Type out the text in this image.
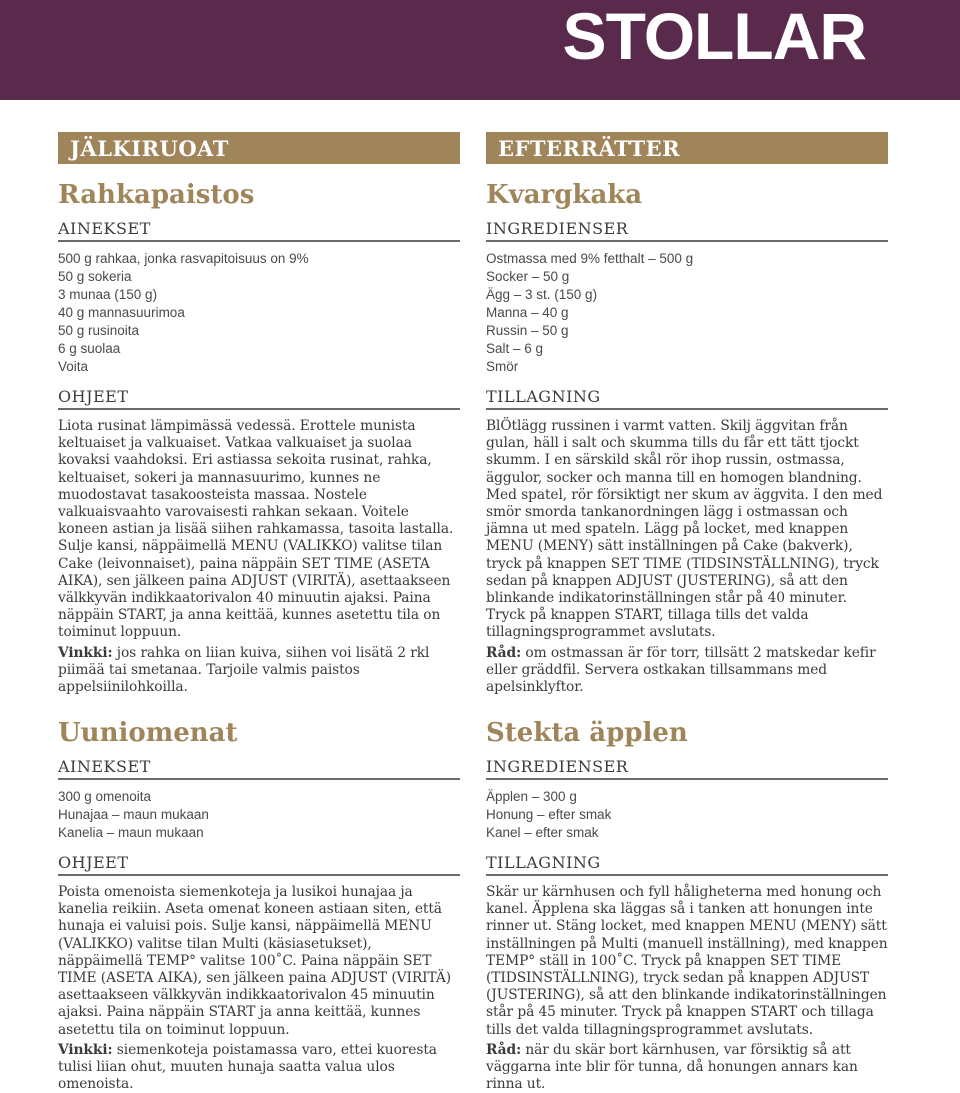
STOLLAR
JÄLKIRUOAT
Rahkapaistos
AINEKSET
500 g rahkaa, jonka rasvapitoisuus on 9%
50 g sokeria
3 munaa (150 g)
40 g mannasuurimoa
50 g rusinoita
6 g suolaa
Voita
OHJEET

Liota rusinat lämpimässä vedessä. Erottele munista keltuaiset ja valkuaiset. Vatkaa valkuaiset ja suolaa kovaksi vaahdoksi. Eri astiassa sekoita rusinat, rahka, keltuaiset, sokeri ja mannasuurimo, kunnes ne muodostavat tasakoosteista massaa. Nostele valkuaisvaahto varovaisesti rahkan sekaan. Voitele koneen astian ja lisää siihen rahkamassa, tasoita lastalla. Sulje kansi, näppäimellä MENU (VALIKKO) valitse tilan Cake (leivonnaiset), paina näppäin SET TIME (ASETA AIKA), sen jälkeen paina ADJUST (VIRITÄ), asettaakseen välkkyvän indikkaatorivalon 40 minuutin ajaksi. Paina näppäin START, ja anna keittää, kunnes asetettu tila on toiminut loppuun.

Vinkki: jos rahka on liian kuiva, siihen voi lisätä 2 rkl piimää tai smetanaa. Tarjoile valmis paistos appelsiinilohkoilla.

Uuniomenat
AINEKSET
300 g omenoita
Hunajaa – maun mukaan
Kanelia – maun mukaan
OHJEET

Poista omenoista siemenkoteja ja lusikoi hunajaa ja kanelia reikiin. Aseta omenat koneen astiaan siten, että hunaja ei valuisi pois. Sulje kansi, näppäimellä MENU (VALIKKO) valitse tilan Multi (käsiasetukset), näppäimellä TEMP° valitse 100˚C. Paina näppäin SET TIME (ASETA AIKA), sen jälkeen paina ADJUST (VIRITÄ) asettaakseen välkkyvän indikkaatorivalon 45 minuutin ajaksi. Paina näppäin START ja anna keittää, kunnes asetettu tila on toiminut loppuun.

Vinkki: siemenkoteja poistamassa varo, ettei kuoresta tulisi liian ohut, muuten hunaja saatta valua ulos omenoista.

EFTERRÄTTER
Kvargkaka
INGREDIENSER
Ostmassa med 9% fetthalt – 500 g
Socker – 50 g
Ägg – 3 st. (150 g)
Manna – 40 g
Russin – 50 g
Salt – 6 g
Smör
TILLAGNING

BlÖtlägg russinen i varmt vatten. Skilj äggvitan från gulan, häll i salt och skumma tills du får ett tätt tjockt skumm. I en särskild skål rör ihop russin, ostmassa, äggulor, socker och manna till en homogen blandning. Med spatel, rör försiktigt ner skum av äggvita. I den med smör smorda tankanordningen lägg i ostmassan och jämna ut med spateln. Lägg på locket, med knappen MENU (MENY) sätt inställningen på Cake (bakverk), tryck på knappen SET TIME (TIDSINSTÄLLNING), tryck sedan på knappen ADJUST (JUSTERING), så att den blinkande indikatorinställningen står på 40 minuter. Tryck på knappen START, tillaga tills det valda tillagningsprogrammet avslutats.

Råd: om ostmassan är för torr, tillsätt 2 matskedar kefir eller gräddfil. Servera ostkakan tillsammans med apelsinklyftor.

Stekta äpplen
INGREDIENSER
Äpplen – 300 g
Honung – efter smak
Kanel – efter smak
TILLAGNING

Skär ur kärnhusen och fyll håligheterna med honung och kanel. Äpplena ska läggas så i tanken att honungen inte rinner ut. Stäng locket, med knappen MENU (MENY) sätt inställningen på Multi (manuell inställning), med knappen TEMP° ställ in 100˚C. Tryck på knappen SET TIME (TIDSINSTÄLLNING), tryck sedan på knappen ADJUST (JUSTERING), så att den blinkande indikatorinställningen står på 45 minuter. Tryck på knappen START och tillaga tills det valda tillagningsprogrammet avslutats.

Råd: när du skär bort kärnhusen, var försiktig så att väggarna inte blir för tunna, då honungen annars kan rinna ut.
